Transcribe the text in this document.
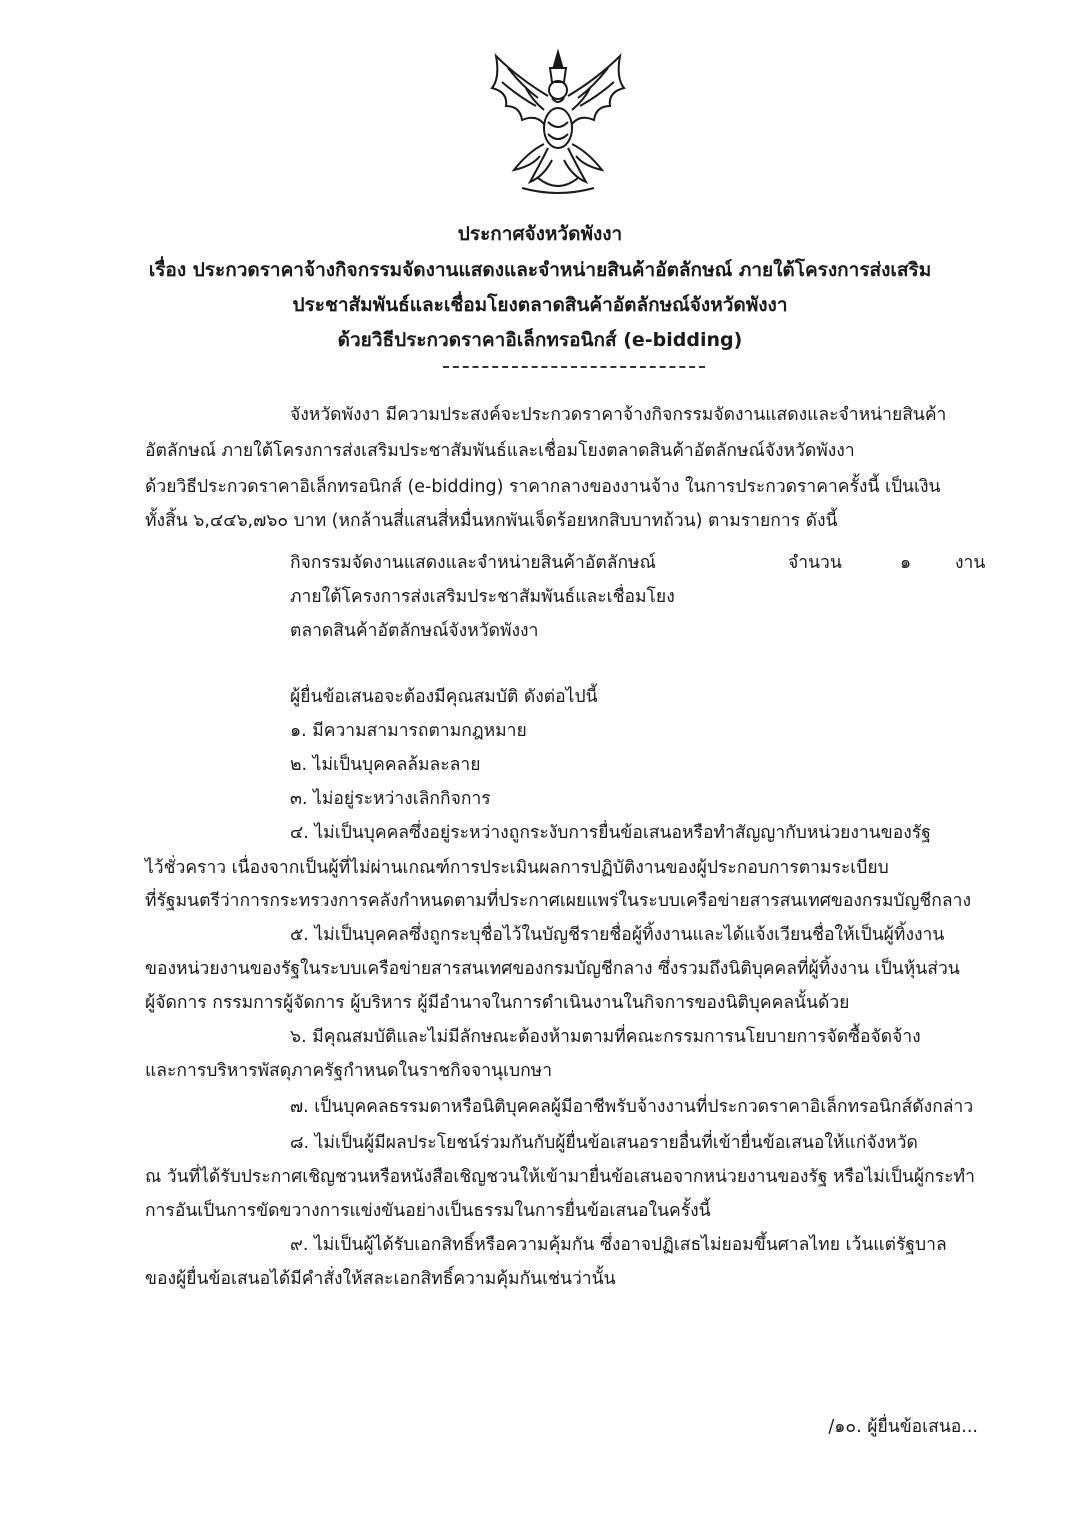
ประกาศจังหวัดพังงา
เรื่อง ประกวดราคาจ้างกิจกรรมจัดงานแสดงและจำหน่ายสินค้าอัตลักษณ์ ภายใต้โครงการส่งเสริม
ประชาสัมพันธ์และเชื่อมโยงตลาดสินค้าอัตลักษณ์จังหวัดพังงา
ด้วยวิธีประกวดราคาอิเล็กทรอนิกส์ (e-bidding)
จังหวัดพังงา มีความประสงค์จะประกวดราคาจ้างกิจกรรมจัดงานแสดงและจำหน่ายสินค้า
อัตลักษณ์ ภายใต้โครงการส่งเสริมประชาสัมพันธ์และเชื่อมโยงตลาดสินค้าอัตลักษณ์จังหวัดพังงา
ด้วยวิธีประกวดราคาอิเล็กทรอนิกส์ (e-bidding) ราคากลางของงานจ้าง ในการประกวดราคาครั้งนี้ เป็นเงิน
ทั้งสิ้น ๖,๔๔๖,๗๖๐ บาท (หกล้านสี่แสนสี่หมื่นหกพันเจ็ดร้อยหกสิบบาทถ้วน) ตามรายการ ดังนี้
กิจกรรมจัดงานแสดงและจำหน่ายสินค้าอัตลักษณ์
ภายใต้โครงการส่งเสริมประชาสัมพันธ์และเชื่อมโยง
ตลาดสินค้าอัตลักษณ์จังหวัดพังงา
จำนวน	๑	งาน
ผู้ยื่นข้อเสนอจะต้องมีคุณสมบัติ ดังต่อไปนี้
๑. มีความสามารถตามกฎหมาย
๒. ไม่เป็นบุคคลล้มละลาย
๓. ไม่อยู่ระหว่างเลิกกิจการ
๔. ไม่เป็นบุคคลซึ่งอยู่ระหว่างถูกระงับการยื่นข้อเสนอหรือทำสัญญากับหน่วยงานของรัฐ
ไว้ชั่วคราว เนื่องจากเป็นผู้ที่ไม่ผ่านเกณฑ์การประเมินผลการปฏิบัติงานของผู้ประกอบการตามระเบียบ
ที่รัฐมนตรีว่าการกระทรวงการคลังกำหนดตามที่ประกาศเผยแพร่ในระบบเครือข่ายสารสนเทศของกรมบัญชีกลาง
๕. ไม่เป็นบุคคลซึ่งถูกระบุชื่อไว้ในบัญชีรายชื่อผู้ทิ้งงานและได้แจ้งเวียนชื่อให้เป็นผู้ทิ้งงาน
ของหน่วยงานของรัฐในระบบเครือข่ายสารสนเทศของกรมบัญชีกลาง ซึ่งรวมถึงนิติบุคคลที่ผู้ทิ้งงาน เป็นหุ้นส่วน
ผู้จัดการ กรรมการผู้จัดการ ผู้บริหาร ผู้มีอำนาจในการดำเนินงานในกิจการของนิติบุคคลนั้นด้วย
๖. มีคุณสมบัติและไม่มีลักษณะต้องห้ามตามที่คณะกรรมการนโยบายการจัดซื้อจัดจ้าง
และการบริหารพัสดุภาครัฐกำหนดในราชกิจจานุเบกษา
๗. เป็นบุคคลธรรมดาหรือนิติบุคคลผู้มีอาชีพรับจ้างงานที่ประกวดราคาอิเล็กทรอนิกส์ดังกล่าว
๘. ไม่เป็นผู้มีผลประโยชน์ร่วมกันกับผู้ยื่นข้อเสนอรายอื่นที่เข้ายื่นข้อเสนอให้แก่จังหวัด
ณ วันที่ได้รับประกาศเชิญชวนหรือหนังสือเชิญชวนให้เข้ามายื่นข้อเสนอจากหน่วยงานของรัฐ หรือไม่เป็นผู้กระทำ
การอันเป็นการขัดขวางการแข่งขันอย่างเป็นธรรมในการยื่นข้อเสนอในครั้งนี้
๙. ไม่เป็นผู้ได้รับเอกสิทธิ์หรือความคุ้มกัน ซึ่งอาจปฏิเสธไม่ยอมขึ้นศาลไทย เว้นแต่รัฐบาล
ของผู้ยื่นข้อเสนอได้มีคำสั่งให้สละเอกสิทธิ์ความคุ้มกันเช่นว่านั้น
/๑๐. ผู้ยื่นข้อเสนอ...
